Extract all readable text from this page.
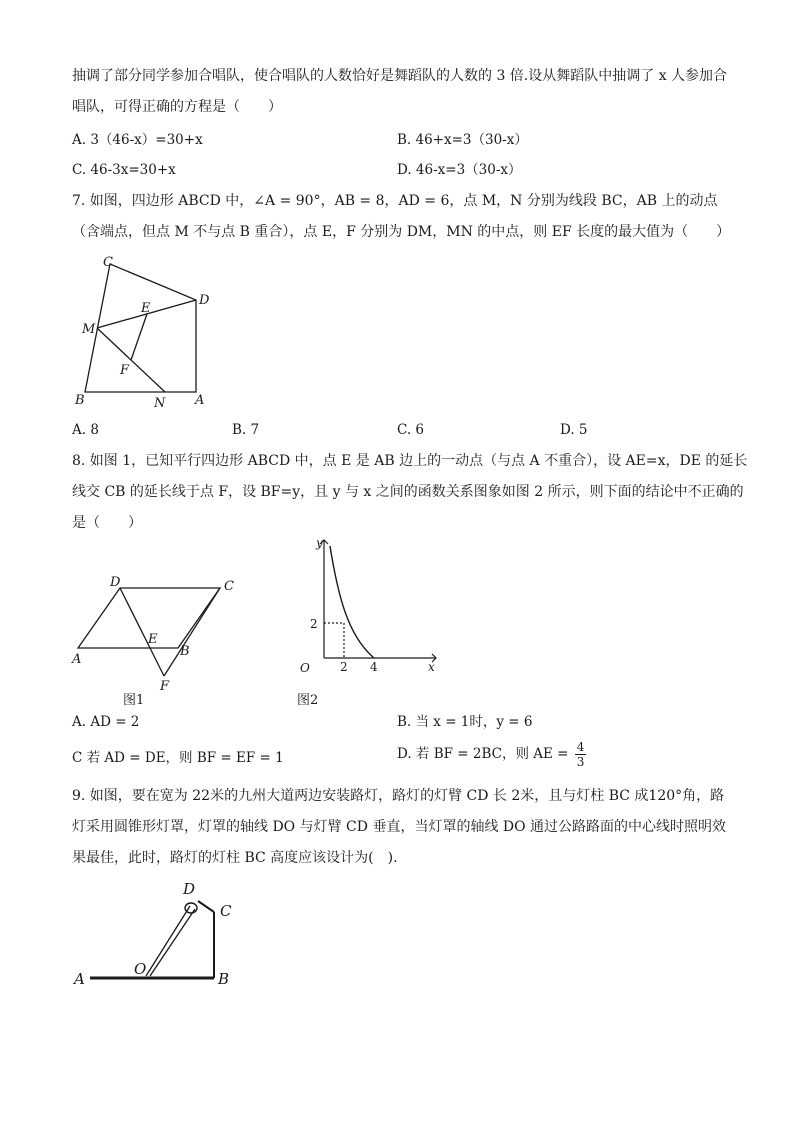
抽调了部分同学参加合唱队，使合唱队的人数恰好是舞蹈队的人数的 3 倍.设从舞蹈队中抽调了 x 人参加合
唱队，可得正确的方程是（　　）
A. 3（46-x）=30+x	B. 46+x=3（30-x）
C. 46-3x=30+x	D. 46-x=3（30-x）
7. 如图，四边形 ABCD 中，∠A = 90°，AB = 8，AD = 6，点 M，N 分别为线段 BC，AB 上的动点
（含端点，但点 M 不与点 B 重合），点 E，F 分别为 DM，MN 的中点，则 EF 长度的最大值为（　　）
C
D
E
M
F
B	N A
A. 8	B. 7	C. 6	D. 5
8. 如图 1，已知平行四边形 ABCD 中，点 E 是 AB 边上的一动点（与点 A 不重合），设 AE=x，DE 的延长
线交 CB 的延长线于点 F，设 BF=y，且 y 与 x 之间的函数关系图象如图 2 所示，则下面的结论中不正确的
是（　　）
D	C
E
A
B
F
图1
y
x
O
2
2 4
图2
A. AD = 2	B. 当 x = 1时，y = 6
C 若 AD = DE，则 BF = EF = 1	D. 若 BF = 2BC，则 AE = $\frac{4}{3}$
9. 如图，要在宽为 22米的九州大道两边安装路灯，路灯的灯臂 CD 长 2米，且与灯柱 BC 成120°角，路
灯采用圆锥形灯罩，灯罩的轴线 DO 与灯臂 CD 垂直，当灯罩的轴线 DO 通过公路路面的中心线时照明效
果最佳，此时，路灯的灯柱 BC 高度应该设计为(　).
D
C
O
A	B
